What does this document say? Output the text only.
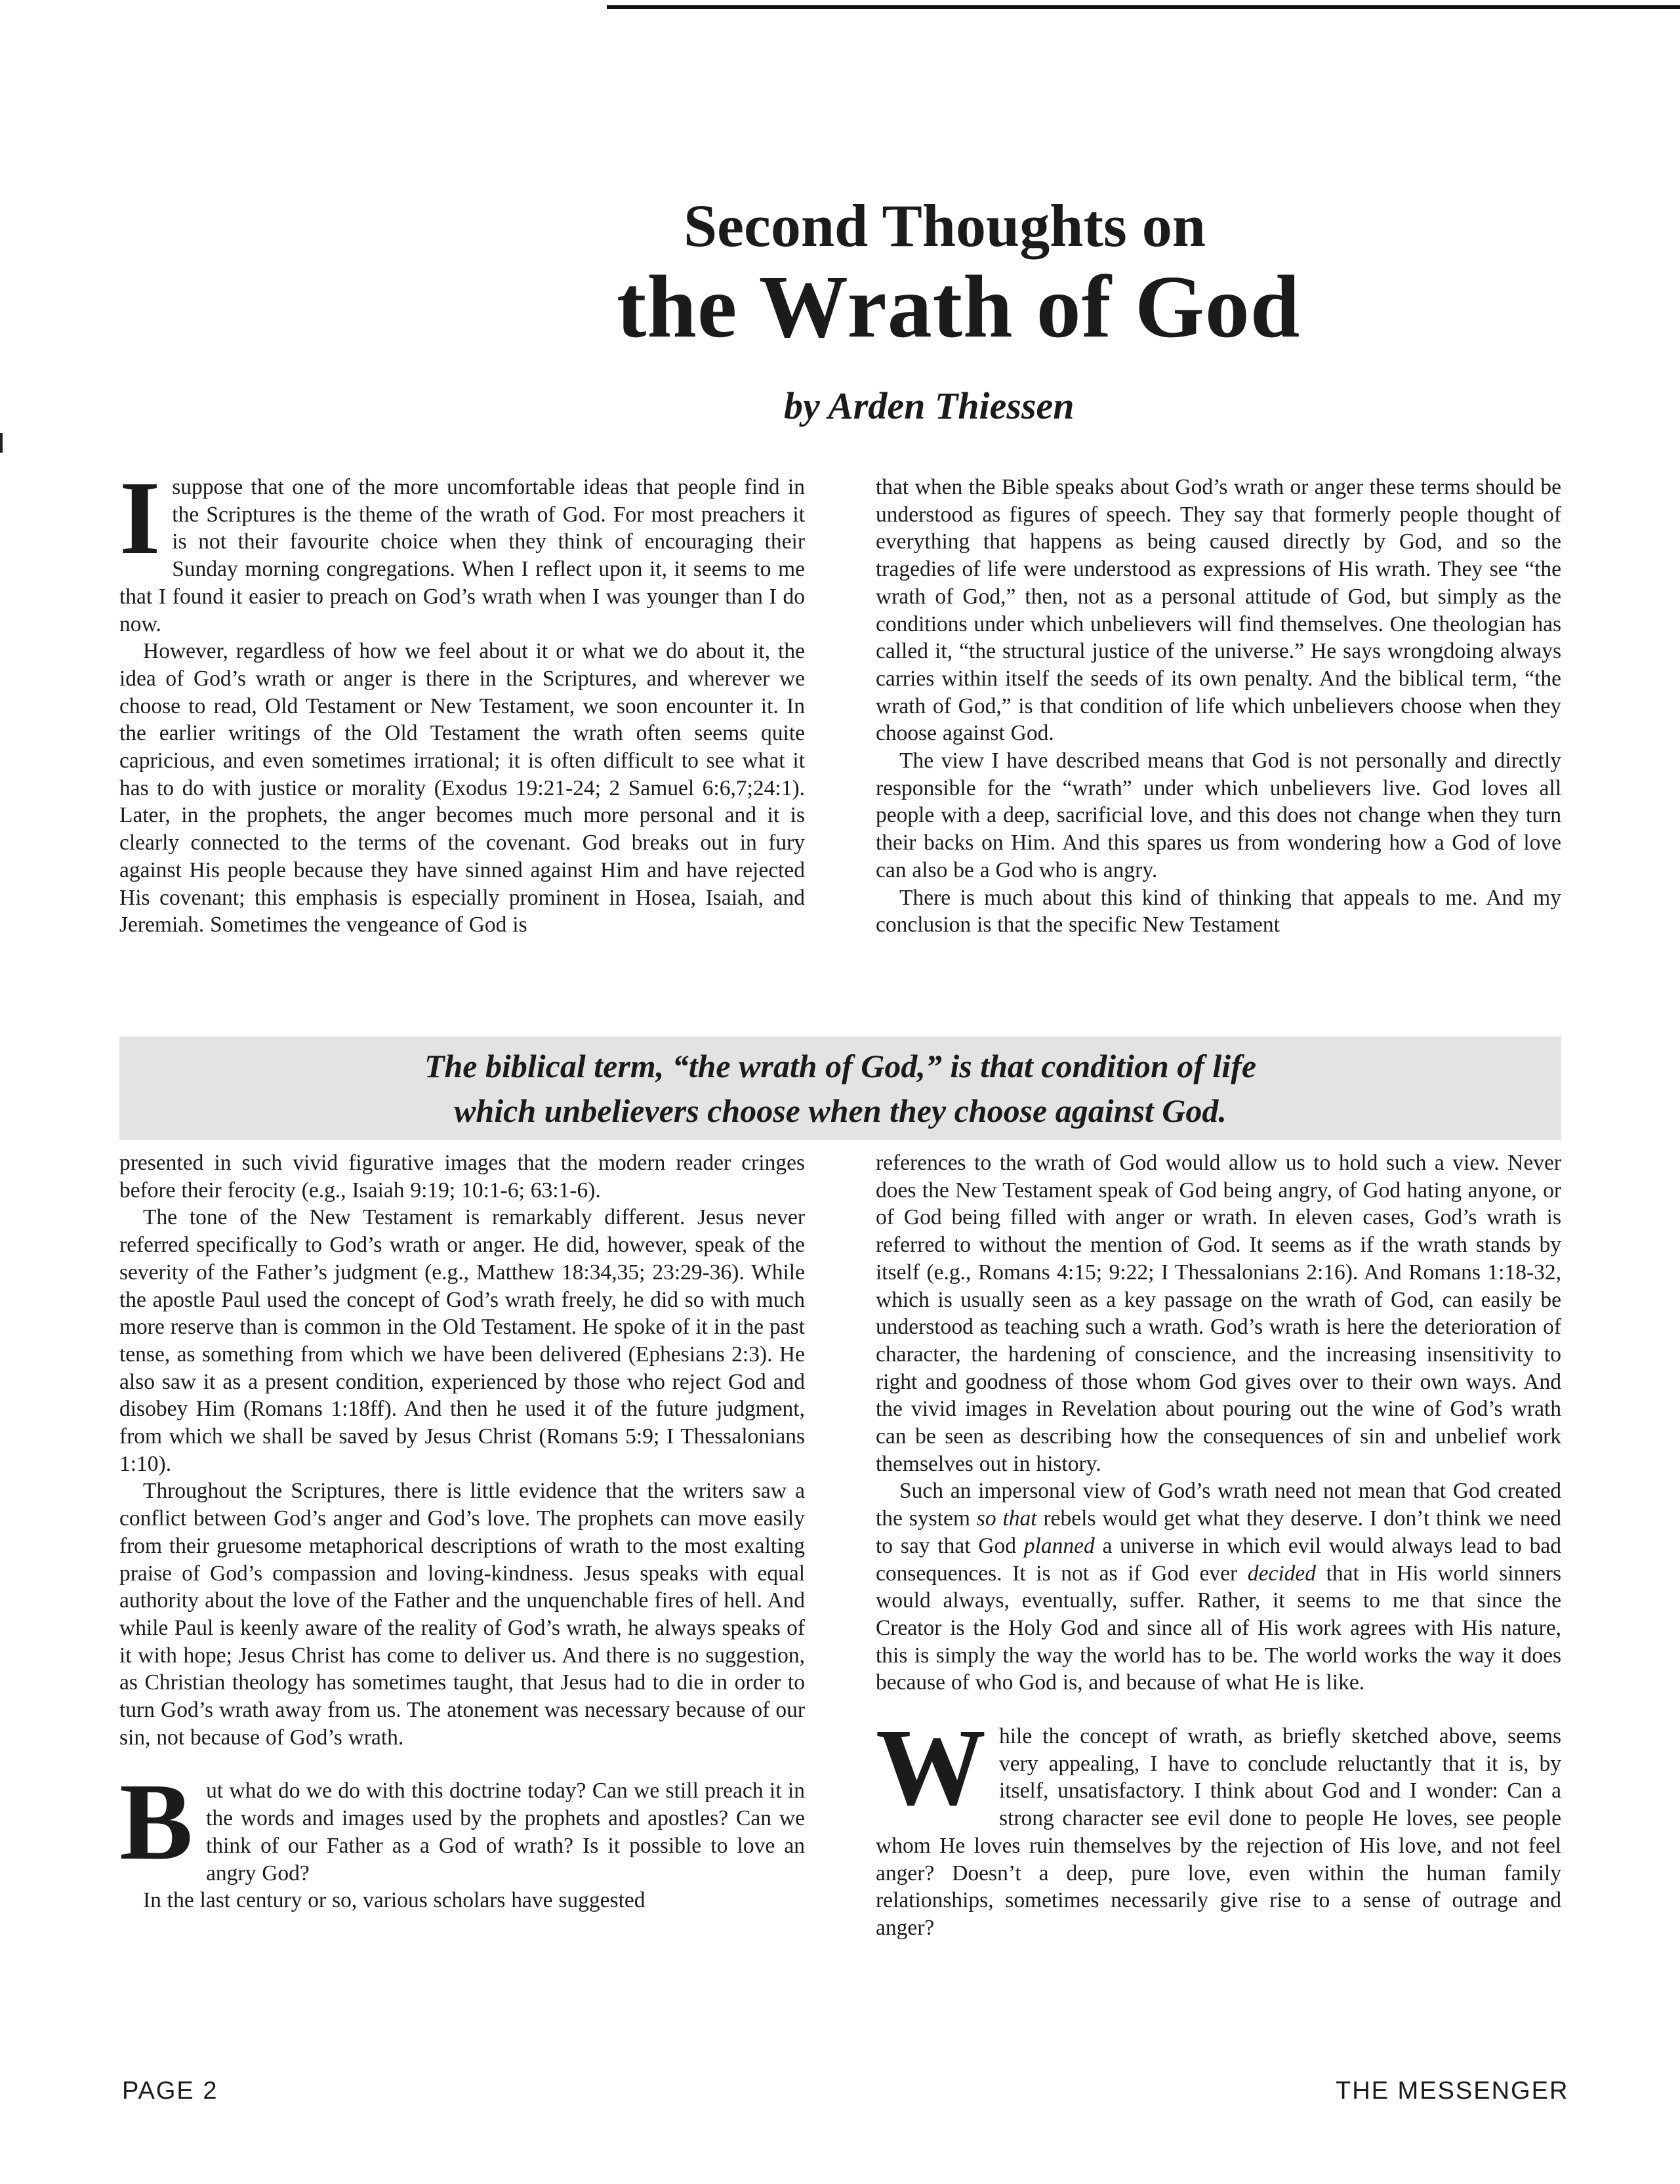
Second Thoughts on
the Wrath of God
by Arden Thiessen

Isuppose that one of the more uncomfortable ideas that people find in the Scriptures is the theme of the wrath of God. For most preachers it is not their favourite choice when they think of encouraging their Sunday morning congregations. When I reflect upon it, it seems to me that I found it easier to preach on God’s wrath when I was younger than I do now.

However, regardless of how we feel about it or what we do about it, the idea of God’s wrath or anger is there in the Scriptures, and wherever we choose to read, Old Testament or New Testament, we soon encounter it. In the earlier writings of the Old Testament the wrath often seems quite capricious, and even sometimes irrational; it is often difficult to see what it has to do with justice or morality (Exodus 19:21-24; 2 Samuel 6:6,7;24:1). Later, in the prophets, the anger becomes much more personal and it is clearly connected to the terms of the covenant. God breaks out in fury against His people because they have sinned against Him and have rejected His covenant; this emphasis is especially prominent in Hosea, Isaiah, and Jeremiah. Sometimes the vengeance of God is

that when the Bible speaks about God’s wrath or anger these terms should be understood as figures of speech. They say that formerly people thought of everything that happens as being caused directly by God, and so the tragedies of life were understood as expressions of His wrath. They see “the wrath of God,” then, not as a personal attitude of God, but simply as the conditions under which unbelievers will find themselves. One theologian has called it, “the structural justice of the universe.” He says wrongdoing always carries within itself the seeds of its own penalty. And the biblical term, “the wrath of God,” is that condition of life which unbelievers choose when they choose against God.

The view I have described means that God is not personally and directly responsible for the “wrath” under which unbelievers live. God loves all people with a deep, sacrificial love, and this does not change when they turn their backs on Him. And this spares us from wondering how a God of love can also be a God who is angry.

There is much about this kind of thinking that appeals to me. And my conclusion is that the specific New Testament

The biblical term, “the wrath of God,” is that condition of life
which unbelievers choose when they choose against God.

presented in such vivid figurative images that the modern reader cringes before their ferocity (e.g., Isaiah 9:19; 10:1-6; 63:1-6).

The tone of the New Testament is remarkably different. Jesus never referred specifically to God’s wrath or anger. He did, however, speak of the severity of the Father’s judgment (e.g., Matthew 18:34,35; 23:29-36). While the apostle Paul used the concept of God’s wrath freely, he did so with much more reserve than is common in the Old Testament. He spoke of it in the past tense, as something from which we have been delivered (Ephesians 2:3). He also saw it as a present condition, experienced by those who reject God and disobey Him (Romans 1:18ff). And then he used it of the future judgment, from which we shall be saved by Jesus Christ (Romans 5:9; I Thessalonians 1:10).

Throughout the Scriptures, there is little evidence that the writers saw a conflict between God’s anger and God’s love. The prophets can move easily from their gruesome metaphorical descriptions of wrath to the most exalting praise of God’s compassion and loving-kindness. Jesus speaks with equal authority about the love of the Father and the unquenchable fires of hell. And while Paul is keenly aware of the reality of God’s wrath, he always speaks of it with hope; Jesus Christ has come to deliver us. And there is no suggestion, as Christian theology has sometimes taught, that Jesus had to die in order to turn God’s wrath away from us. The atonement was necessary because of our sin, not because of God’s wrath.

But what do we do with this doctrine today? Can we still preach it in the words and images used by the prophets and apostles? Can we think of our Father as a God of wrath? Is it possible to love an angry God?

In the last century or so, various scholars have suggested

references to the wrath of God would allow us to hold such a view. Never does the New Testament speak of God being angry, of God hating anyone, or of God being filled with anger or wrath. In eleven cases, God’s wrath is referred to without the mention of God. It seems as if the wrath stands by itself (e.g., Romans 4:15; 9:22; I Thessalonians 2:16). And Romans 1:18-32, which is usually seen as a key passage on the wrath of God, can easily be understood as teaching such a wrath. God’s wrath is here the deterioration of character, the hardening of conscience, and the increasing insensitivity to right and goodness of those whom God gives over to their own ways. And the vivid images in Revelation about pouring out the wine of God’s wrath can be seen as describing how the consequences of sin and unbelief work themselves out in history.

Such an impersonal view of God’s wrath need not mean that God created the system so that rebels would get what they deserve. I don’t think we need to say that God planned a universe in which evil would always lead to bad consequences. It is not as if God ever decided that in His world sinners would always, eventually, suffer. Rather, it seems to me that since the Creator is the Holy God and since all of His work agrees with His nature, this is simply the way the world has to be. The world works the way it does because of who God is, and because of what He is like.

While the concept of wrath, as briefly sketched above, seems very appealing, I have to conclude reluctantly that it is, by itself, unsatisfactory. I think about God and I wonder: Can a strong character see evil done to people He loves, see people whom He loves ruin themselves by the rejection of His love, and not feel anger? Doesn’t a deep, pure love, even within the human family relationships, sometimes necessarily give rise to a sense of outrage and anger?

PAGE 2	THE MESSENGER
